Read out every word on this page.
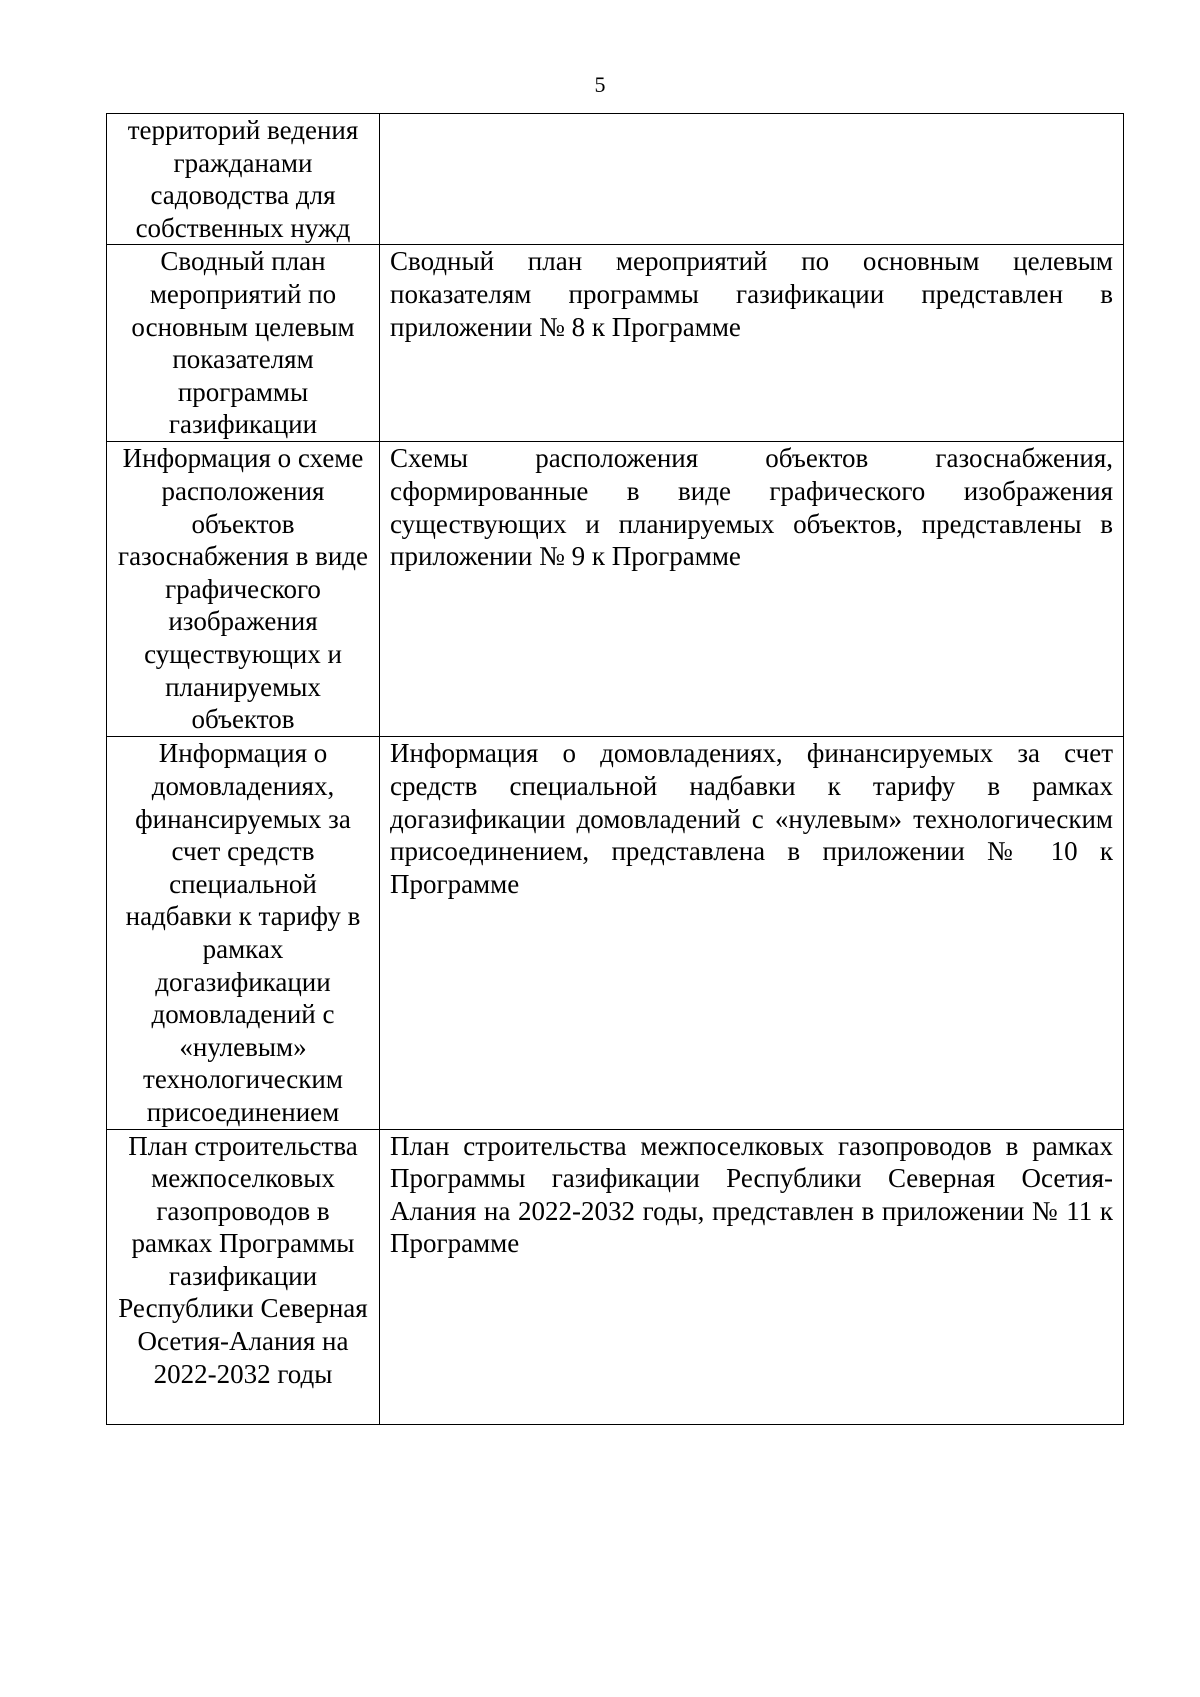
5
территорий ведения гражданами садоводства для собственных нужд	

Сводный план мероприятий по основным целевым показателям программы газификации	Сводный план мероприятий по основным целевым показателям программы газификации представлен в приложении № 8 к Программе

Информация о схеме расположения объектов газоснабжения в виде графического изображения существующих и планируемых объектов	Схемы расположения объектов газоснабжения, сформированные в виде графического изображения существующих и планируемых объектов, представлены в приложении № 9 к Программе

Информация о домовладениях, финансируемых за счет средств специальной надбавки к тарифу в рамках догазификации домовладений с «нулевым» технологическим присоединением	Информация о домовладениях, финансируемых за счет средств специальной надбавки к тарифу в рамках догазификации домовладений с «нулевым» технологическим присоединением, представлена в приложении № 10 к Программе

План строительства межпоселковых газопроводов в рамках Программы газификации Республики Северная Осетия-Алания на 2022-2032 годы	План строительства межпоселковых газопроводов в рамках Программы газификации Республики Северная Осетия-Алания на 2022-2032 годы, представлен в приложении № 11 к Программе
